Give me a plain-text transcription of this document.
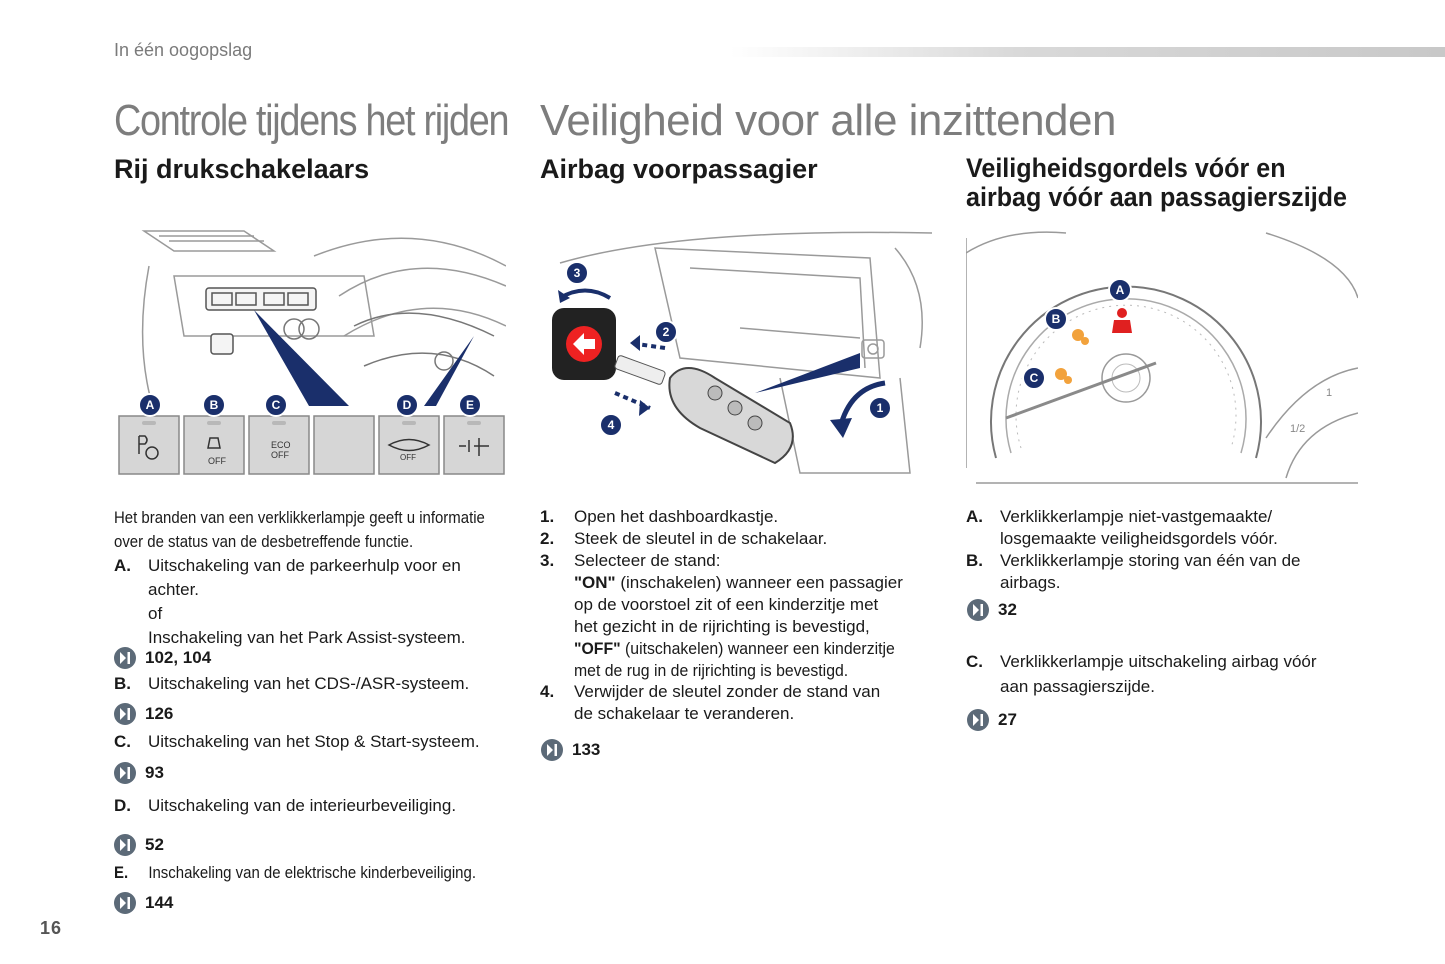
In één oogopslag
Controle tijdens het rijden Veiligheid voor alle inzittenden
Rij drukschakelaars	Airbag voorpassagier	Veiligheidsgordels vóór en
airbag vóór aan passagierszijde
ECO
OFF
OFF	OFF
A	B	C	D	E	1
2
3
4
1
1/2
A
B
C
Het branden van een verklikkerlampje geeft u informatie
over de status van de desbetreffende functie.
A.	Uitschakeling van de parkeerhulp voor en
achter.
of
Inschakeling van het Park Assist-systeem.
102, 104
B.	Uitschakeling van het CDS-/ASR-systeem.
126
C.	Uitschakeling van het Stop & Start-systeem.
93
D.	Uitschakeling van de interieurbeveiliging.
52
E.	Inschakeling van de elektrische kinderbeveiliging.
144
1.	Open het dashboardkastje.
2.	Steek de sleutel in de schakelaar.
3.	Selecteer de stand:
"ON" (inschakelen) wanneer een passagier
op de voorstoel zit of een kinderzitje met
het gezicht in de rijrichting is bevestigd,
"OFF" (uitschakelen) wanneer een kinderzitje
met de rug in de rijrichting is bevestigd.
4.	Verwijder de sleutel zonder de stand van
de schakelaar te veranderen.
133
A.	Verklikkerlampje niet-vastgemaakte/
losgemaakte veiligheidsgordels vóór.
B.	Verklikkerlampje storing van één van de
airbags.
32
C.	Verklikkerlampje uitschakeling airbag vóór
aan passagierszijde.
27
16
